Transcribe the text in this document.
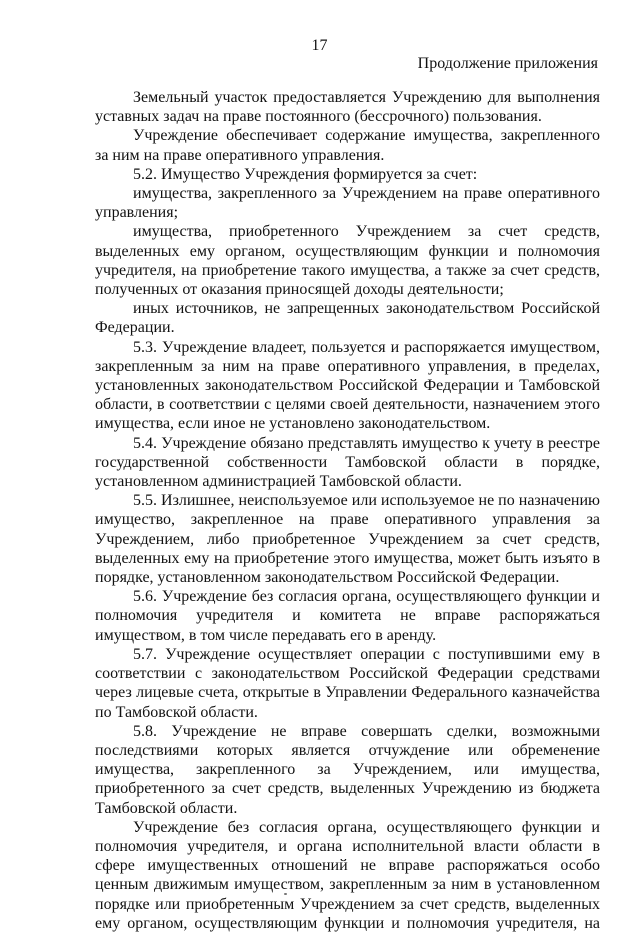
17
Продолжение приложения

Земельный участок предоставляется Учреждению для выполнения уставных задач на праве постоянного (бессрочного) пользования.

Учреждение обеспечивает содержание имущества, закрепленного за ним на праве оперативного управления.

5.2. Имущество Учреждения формируется за счет:

имущества, закрепленного за Учреждением на праве оперативного управления;

имущества, приобретенного Учреждением за счет средств, выделенных ему органом, осуществляющим функции и полномочия учредителя, на приобретение такого имущества, а также за счет средств, полученных от оказания приносящей доходы деятельности;

иных источников, не запрещенных законодательством Российской Федерации.

5.3. Учреждение владеет, пользуется и распоряжается имуществом, закрепленным за ним на праве оперативного управления, в пределах, установленных законодательством Российской Федерации и Тамбовской области, в соответствии с целями своей деятельности, назначением этого имущества, если иное не установлено законодательством.

5.4. Учреждение обязано представлять имущество к учету в реестре государственной собственности Тамбовской области в порядке, установленном администрацией Тамбовской области.

5.5. Излишнее, неиспользуемое или используемое не по назначению имущество, закрепленное на праве оперативного управления за Учреждением, либо приобретенное Учреждением за счет средств, выделенных ему на приобретение этого имущества, может быть изъято в порядке, установленном законодательством Российской Федерации.

5.6. Учреждение без согласия органа, осуществляющего функции и полномочия учредителя и комитета не вправе распоряжаться имуществом, в том числе передавать его в аренду.

5.7. Учреждение осуществляет операции с поступившими ему в соответствии с законодательством Российской Федерации средствами через лицевые счета, открытые в Управлении Федерального казначейства по Тамбовской области.

5.8. Учреждение не вправе совершать сделки, возможными последствиями которых является отчуждение или обременение имущества, закрепленного за Учреждением, или имущества, приобретенного за счет средств, выделенных Учреждению из бюджета Тамбовской области.

Учреждение без согласия органа, осуществляющего функции и полномочия учредителя, и органа исполнительной власти области в сфере имущественных отношений не вправе распоряжаться особо ценным движимым имуществом, закрепленным за ним в установленном порядке или приобретенным Учреждением за счет средств, выделенных ему органом, осуществляющим функции и полномочия учредителя, на
